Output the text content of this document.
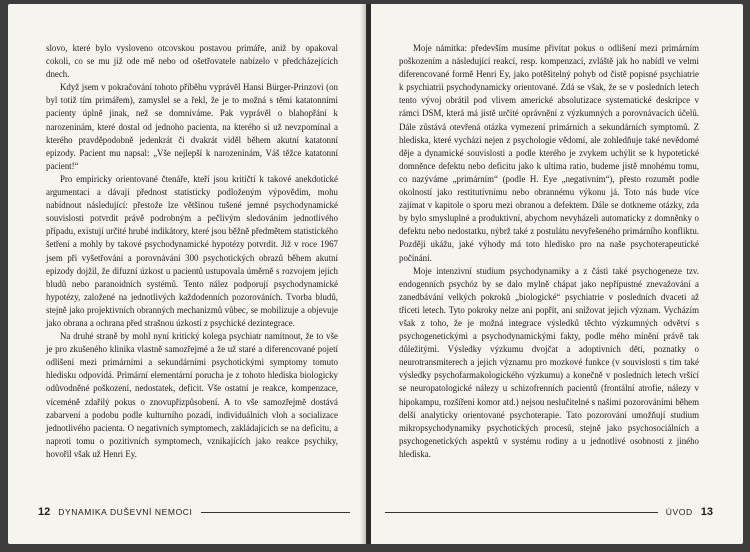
slovo, které bylo vysloveno otcovskou postavou primáře, aniž by opakoval cokoli, co se mu již ode mě nebo od ošetřovatele nabízelo v předcházejících dnech.

Když jsem v pokračování tohoto příběhu vyprávěl Hansi Bürger-Prinzovi (on byl totiž tím primářem), zamyslel se a řekl, že je to možná s těmi katatonními pacienty úplně jinak, než se domníváme. Pak vyprávěl o blahopřání k narozeninám, které dostal od jednoho pacienta, na kterého si už nevzpomínal a kterého pravděpodobně jedenkrát či dvakrát viděl během akutní katatonní epizody. Pacient mu napsal: „Vše nejlepší k narozeninám, Váš těžce katatonní pacient!“

Pro empiricky orientované čtenáře, kteří jsou kritičtí k takové anekdotické argumentaci a dávají přednost statisticky podloženým výpovědím, mohu nabídnout následující: přestože lze většinou tušené jemné psychodynamické souvislosti potvrdit právě podrobným a pečlivým sledováním jednotlivého případu, existují určité hrubé indikátory, které jsou běžně předmětem statistického šetření a mohly by takové psychodynamické hypotézy potvrdit. Již v roce 1967 jsem při vyšetřování a porovnávání 300 psychotických obrazů během akutní epizody dojžil, že difuzní úzkost u pacientů ustupovala úměrně s rozvojem jejich bludů nebo paranoidních systémů. Tento nález podporují psychodynamické hypotézy, založené na jednotlivých každodenních pozorováních. Tvorba bludů, stejně jako projektivních obranných mechanizmů vůbec, se mobilizuje a objevuje jako obrana a ochrana před strašnou úzkostí z psychické dezintegrace.

Na druhé straně by mohl nyní kritický kolega psychiatr namítnout, že to vše je pro zkušeného klinika vlastně samozřejmé a že už staré a diferencované pojetí odlišení mezi primárními a sekundárními psychotickými symptomy tomuto hledisku odpovídá. Primární elementární porucha je z tohoto hlediska biologicky odůvodněné poškození, nedostatek, deficit. Vše ostatní je reakce, kompenzace, víceméně zdařilý pokus o znovupřizpůsobení. A to vše samozřejmě dostává zabarvení a podobu podle kulturního pozadí, individuálních vloh a socializace jednotlivého pacienta. O negativních symptomech, zakládajících se na deficitu, a naproti tomu o pozitivních symptomech, vznikajících jako reakce psychiky, hovořil však už Henri Ey.

12 DYNAMIKA DUŠEVNÍ NEMOCI

Moje námitka: především musíme přivítat pokus o odlišení mezi primárním poškozením a následující reakcí, resp. kompenzací, zvláště jak ho nabídl ve velmi diferencované formě Henri Ey, jako potěšitelný pohyb od čistě popisné psychiatrie k psychiatrii psychodynamicky orientované. Zdá se však, že se v posledních letech tento vývoj obrátil pod vlivem americké absolutizace systematické deskripce v rámci DSM, která má jistě určité oprávnění z výzkumných a porovnávacích účelů. Dále zůstává otevřená otázka vymezení primárních a sekundárních symptomů. Z hlediska, které vychází nejen z psychologie vědomí, ale zohledňuje také nevědomé děje a dynamické souvislosti a podle kterého je zvykem uchýlit se k hypotetické domněnce defektu nebo deficitu jako k ultima ratio, budeme jistě mnohému tomu, co nazýváme „primárním“ (podle H. Eye „negativním“), přesto rozumět podle okolností jako restitutivnímu nebo obrannému výkonu já. Toto nás bude více zajímat v kapitole o sporu mezi obranou a defektem. Dále se dotkneme otázky, zda by bylo smysluplné a produktivní, abychom nevyházeli automaticky z domněnky o defektu nebo nedostatku, nýbrž také z postulátu nevyřešeného primárního konfliktu. Později ukážu, jaké výhody má toto hledisko pro na naše psychoterapeutické počínání.

Moje intenzivní studium psychodynamiky a z části také psychogeneze tzv. endogenních psychóz by se dalo mylně chápat jako nepřípustné znevažování a zanedbávání velkých pokroků „biologické“ psychiatrie v posledních dvaceti až třiceti letech. Tyto pokroky nelze ani popřít, ani snižovat jejich význam. Vycházím však z toho, že je možná integrace výsledků těchto výzkumných odvětví s psychogenetickými a psychodynamickými fakty, podle mého mínění právě tak důležitými. Výsledky výzkumu dvojčat a adoptivních dětí, poznatky o neurotransmiterech a jejich významu pro mozkové funkce (v souvislosti s tím také výsledky psychofarmakologického výzkumu) a konečně v posledních letech vršící se neuropatologické nálezy u schizofrenních pacientů (frontální atrofie, nálezy v hipokampu, rozšíření komor atd.) nejsou neslučitelné s našimi pozorováními během delší analyticky orientované psychoterapie. Tato pozorování umožňují studium mikropsychodynamiky psychotických procesů, stejně jako psychosociálních a psychogenetických aspektů v systému rodiny a u jednotlivé osobnosti z jiného hlediska.

ÚVOD 13
